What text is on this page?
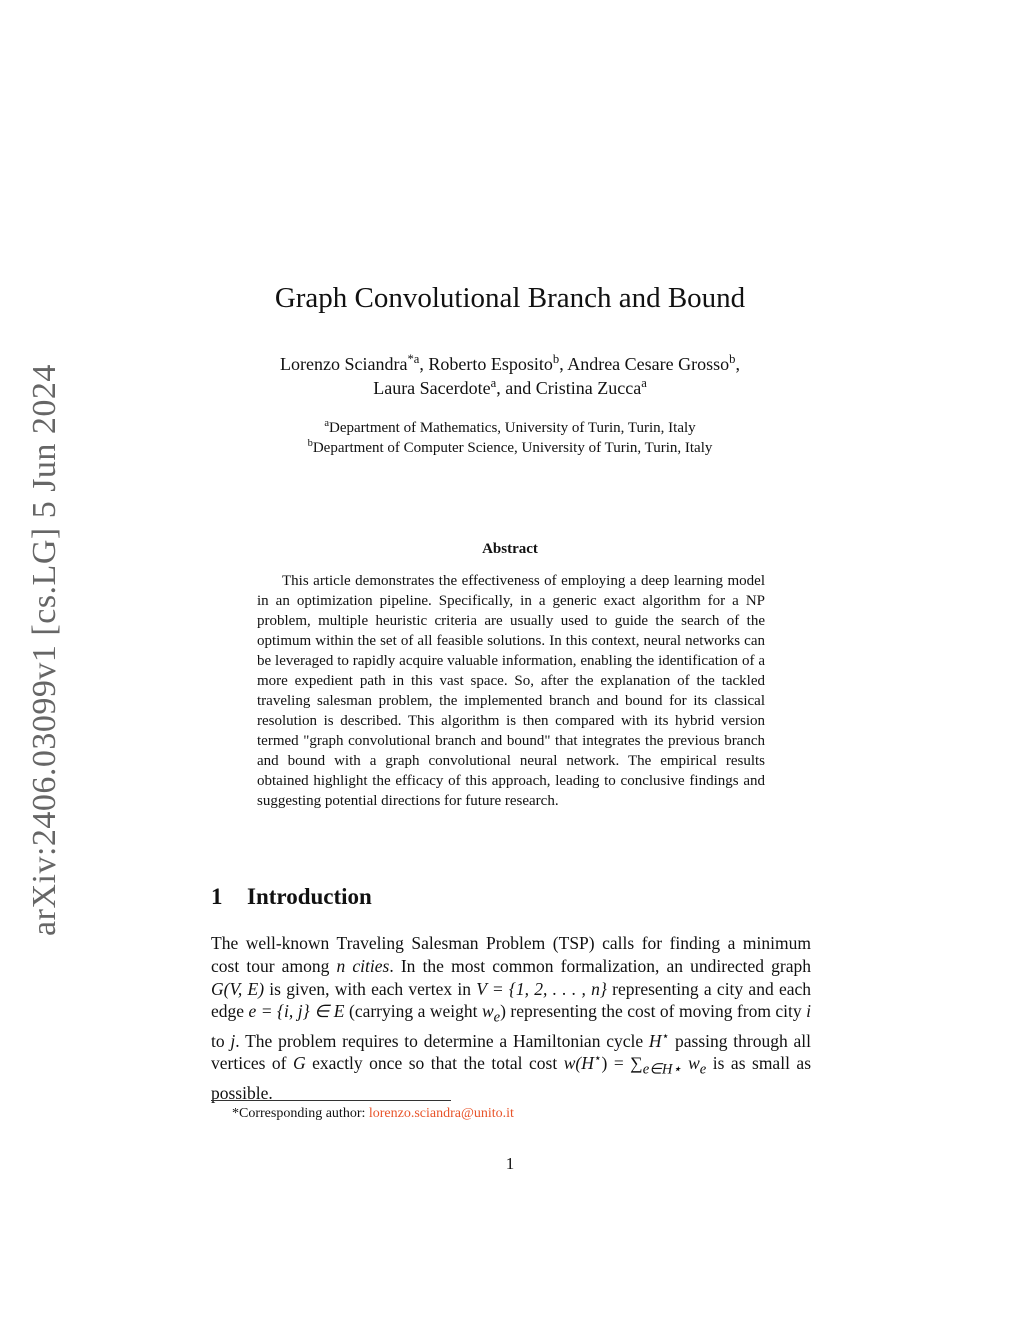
arXiv:2406.03099v1 [cs.LG] 5 Jun 2024
Graph Convolutional Branch and Bound
Lorenzo Sciandra$^{*a}$, Roberto Esposito$^b$, Andrea Cesare Grosso$^b$,
Laura Sacerdote$^a$, and Cristina Zucca$^a$
$^a$Department of Mathematics, University of Turin, Turin, Italy
$^b$Department of Computer Science, University of Turin, Turin, Italy
Abstract

This article demonstrates the effectiveness of employing a deep learning model in an optimization pipeline. Specifically, in a generic exact algorithm for a NP problem, multiple heuristic criteria are usually used to guide the search of the optimum within the set of all feasible solutions. In this context, neural networks can be leveraged to rapidly acquire valuable information, enabling the identification of a more expedient path in this vast space. So, after the explanation of the tackled traveling salesman problem, the implemented branch and bound for its classical resolution is described. This algorithm is then compared with its hybrid version termed "graph convolutional branch and bound" that integrates the previous branch and bound with a graph convolutional neural network. The empirical results obtained highlight the efficacy of this approach, leading to conclusive findings and suggesting potential directions for future research.

1 Introduction

The well-known Traveling Salesman Problem (TSP) calls for finding a minimum cost tour among n cities. In the most common formalization, an undirected graph G(V, E) is given, with each vertex in V = {1, 2, . . . , n} representing a city and each edge e = {i, j} ∈ E (carrying a weight $w_e$) representing the cost of moving from city i to j. The problem requires to determine a Hamiltonian cycle H⋆ passing through all vertices of G exactly once so that the total cost $w(H^⋆) = \sum_{e\in H⋆}$ $w_e$ is as small as possible.

*Corresponding author: lorenzo.sciandra@unito.it
1
